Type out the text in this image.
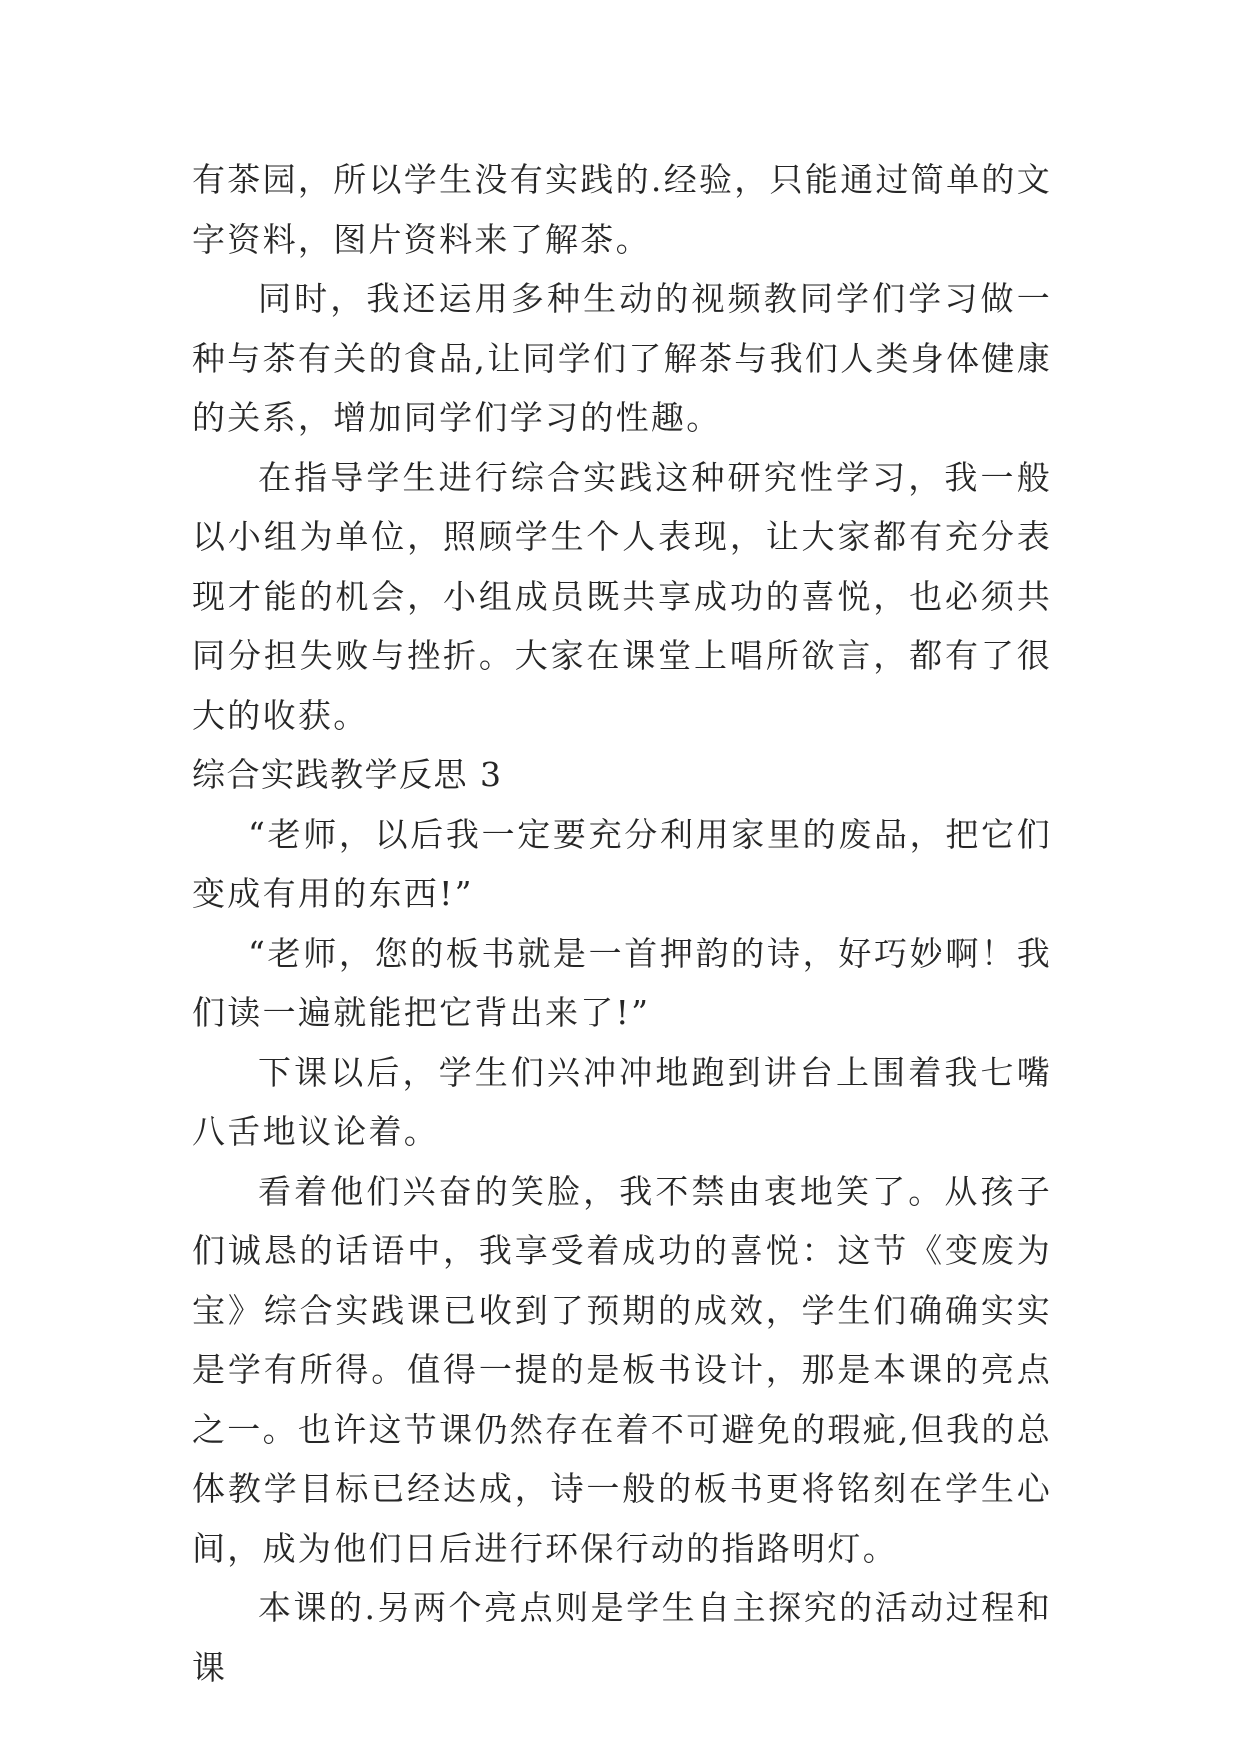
有茶园，所以学生没有实践的.经验，只能通过简单的文字资料，图片资料来了解茶。

同时，我还运用多种生动的视频教同学们学习做一种与茶有关的食品,让同学们了解茶与我们人类身体健康的关系，增加同学们学习的性趣。

在指导学生进行综合实践这种研究性学习，我一般以小组为单位，照顾学生个人表现，让大家都有充分表现才能的机会，小组成员既共享成功的喜悦，也必须共同分担失败与挫折。大家在课堂上唱所欲言，都有了很大的收获。

综合实践教学反思 3

“老师，以后我一定要充分利用家里的废品，把它们变成有用的东西!”

“老师，您的板书就是一首押韵的诗，好巧妙啊！我们读一遍就能把它背出来了!”

下课以后，学生们兴冲冲地跑到讲台上围着我七嘴八舌地议论着。

看着他们兴奋的笑脸，我不禁由衷地笑了。从孩子们诚恳的话语中，我享受着成功的喜悦：这节《变废为宝》综合实践课已收到了预期的成效，学生们确确实实是学有所得。值得一提的是板书设计，那是本课的亮点之一。也许这节课仍然存在着不可避免的瑕疵,但我的总体教学目标已经达成，诗一般的板书更将铭刻在学生心间，成为他们日后进行环保行动的指路明灯。

本课的.另两个亮点则是学生自主探究的活动过程和课
